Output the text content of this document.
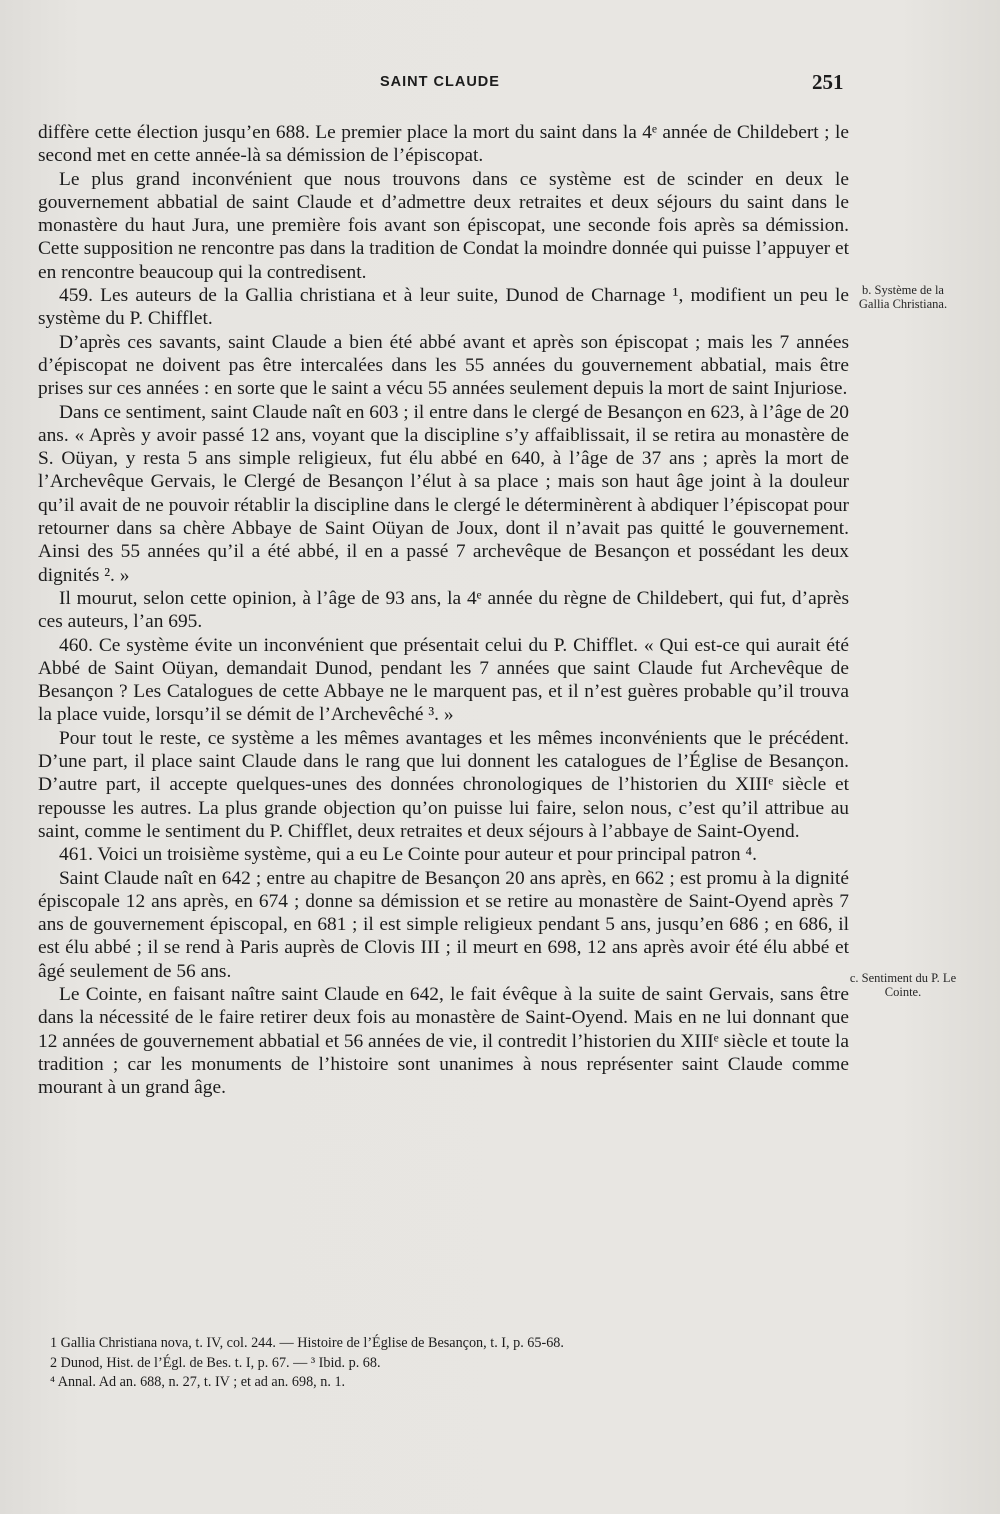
SAINT CLAUDE	251

diffère cette élection jusqu’en 688. Le premier place la mort du saint dans la 4ᵉ année de Childebert ; le second met en cette année-là sa démission de l’épiscopat.

Le plus grand inconvénient que nous trouvons dans ce système est de scinder en deux le gouvernement abbatial de saint Claude et d’admettre deux retraites et deux séjours du saint dans le monastère du haut Jura, une première fois avant son épiscopat, une seconde fois après sa démission. Cette supposition ne rencontre pas dans la tradition de Condat la moindre donnée qui puisse l’appuyer et en rencontre beaucoup qui la contredisent.

459. Les auteurs de la Gallia christiana et à leur suite, Dunod de Charnage ¹, modifient un peu le système du P. Chifflet.

D’après ces savants, saint Claude a bien été abbé avant et après son épiscopat ; mais les 7 années d’épiscopat ne doivent pas être intercalées dans les 55 années du gouvernement abbatial, mais être prises sur ces années : en sorte que le saint a vécu 55 années seulement depuis la mort de saint Injuriose.

Dans ce sentiment, saint Claude naît en 603 ; il entre dans le clergé de Besançon en 623, à l’âge de 20 ans. « Après y avoir passé 12 ans, voyant que la discipline s’y affaiblissait, il se retira au monastère de S. Oüyan, y resta 5 ans simple religieux, fut élu abbé en 640, à l’âge de 37 ans ; après la mort de l’Archevêque Gervais, le Clergé de Besançon l’élut à sa place ; mais son haut âge joint à la douleur qu’il avait de ne pouvoir rétablir la discipline dans le clergé le déterminèrent à abdiquer l’épiscopat pour retourner dans sa chère Abbaye de Saint Oüyan de Joux, dont il n’avait pas quitté le gouvernement. Ainsi des 55 années qu’il a été abbé, il en a passé 7 archevêque de Besançon et possédant les deux dignités ². »

Il mourut, selon cette opinion, à l’âge de 93 ans, la 4ᵉ année du règne de Childebert, qui fut, d’après ces auteurs, l’an 695.

460. Ce système évite un inconvénient que présentait celui du P. Chifflet. « Qui est-ce qui aurait été Abbé de Saint Oüyan, demandait Dunod, pendant les 7 années que saint Claude fut Archevêque de Besançon ? Les Catalogues de cette Abbaye ne le marquent pas, et il n’est guères probable qu’il trouva la place vuide, lorsqu’il se démit de l’Archevêché ³. »

Pour tout le reste, ce système a les mêmes avantages et les mêmes inconvénients que le précédent. D’une part, il place saint Claude dans le rang que lui donnent les catalogues de l’Église de Besançon. D’autre part, il accepte quelques-unes des données chronologiques de l’historien du XIIIᵉ siècle et repousse les autres. La plus grande objection qu’on puisse lui faire, selon nous, c’est qu’il attribue au saint, comme le sentiment du P. Chifflet, deux retraites et deux séjours à l’abbaye de Saint-Oyend.

461. Voici un troisième système, qui a eu Le Cointe pour auteur et pour principal patron ⁴.

Saint Claude naît en 642 ; entre au chapitre de Besançon 20 ans après, en 662 ; est promu à la dignité épiscopale 12 ans après, en 674 ; donne sa démission et se retire au monastère de Saint-Oyend après 7 ans de gouvernement épiscopal, en 681 ; il est simple religieux pendant 5 ans, jusqu’en 686 ; en 686, il est élu abbé ; il se rend à Paris auprès de Clovis III ; il meurt en 698, 12 ans après avoir été élu abbé et âgé seulement de 56 ans.

Le Cointe, en faisant naître saint Claude en 642, le fait évêque à la suite de saint Gervais, sans être dans la nécessité de le faire retirer deux fois au monastère de Saint-Oyend. Mais en ne lui donnant que 12 années de gouvernement abbatial et 56 années de vie, il contredit l’historien du XIIIᵉ siècle et toute la tradition ; car les monuments de l’histoire sont unanimes à nous représenter saint Claude comme mourant à un grand âge.

b. Système de la Gallia Christiana.
c. Sentiment du P. Le Cointe.

1 Gallia Christiana nova, t. IV, col. 244. — Histoire de l’Église de Besançon, t. I, p. 65-68.

2 Dunod, Hist. de l’Égl. de Bes. t. I, p. 67. — ³ Ibid. p. 68.

⁴ Annal. Ad an. 688, n. 27, t. IV ; et ad an. 698, n. 1.
